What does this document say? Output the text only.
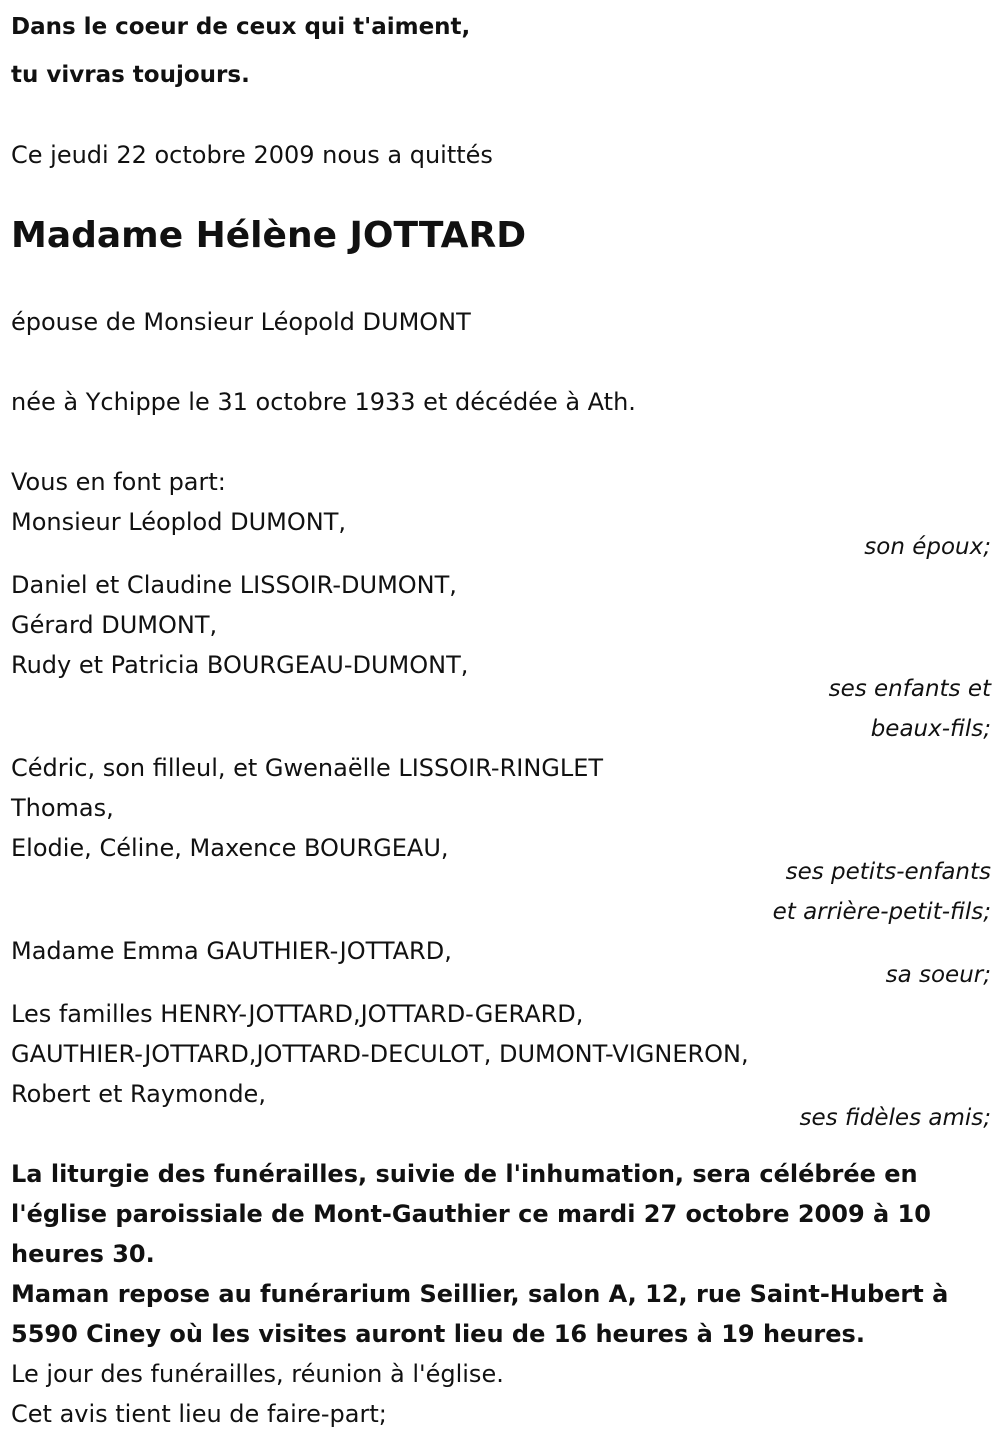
Dans le coeur de ceux qui t'aiment,
tu vivras toujours.
Ce jeudi 22 octobre 2009 nous a quittés
Madame Hélène JOTTARD
épouse de Monsieur Léopold DUMONT
née à Ychippe le 31 octobre 1933 et décédée à Ath.
Vous en font part:
Monsieur Léoplod DUMONT,
son époux;
Daniel et Claudine LISSOIR-DUMONT,
Gérard DUMONT,
Rudy et Patricia BOURGEAU-DUMONT,
ses enfants et
beaux-fils;
Cédric, son filleul, et Gwenaëlle LISSOIR-RINGLET
Thomas,
Elodie, Céline, Maxence BOURGEAU,
ses petits-enfants
et arrière-petit-fils;
Madame Emma GAUTHIER-JOTTARD,
sa soeur;
Les familles HENRY-JOTTARD,JOTTARD-GERARD,
GAUTHIER-JOTTARD,JOTTARD-DECULOT, DUMONT-VIGNERON,
Robert et Raymonde,
ses fidèles amis;
La liturgie des funérailles, suivie de l'inhumation, sera célébrée en
l'église paroissiale de Mont-Gauthier ce mardi 27 octobre 2009 à 10
heures 30.
Maman repose au funérarium Seillier, salon A, 12, rue Saint-Hubert à
5590 Ciney où les visites auront lieu de 16 heures à 19 heures.
Le jour des funérailles, réunion à l'église.
Cet avis tient lieu de faire-part;
